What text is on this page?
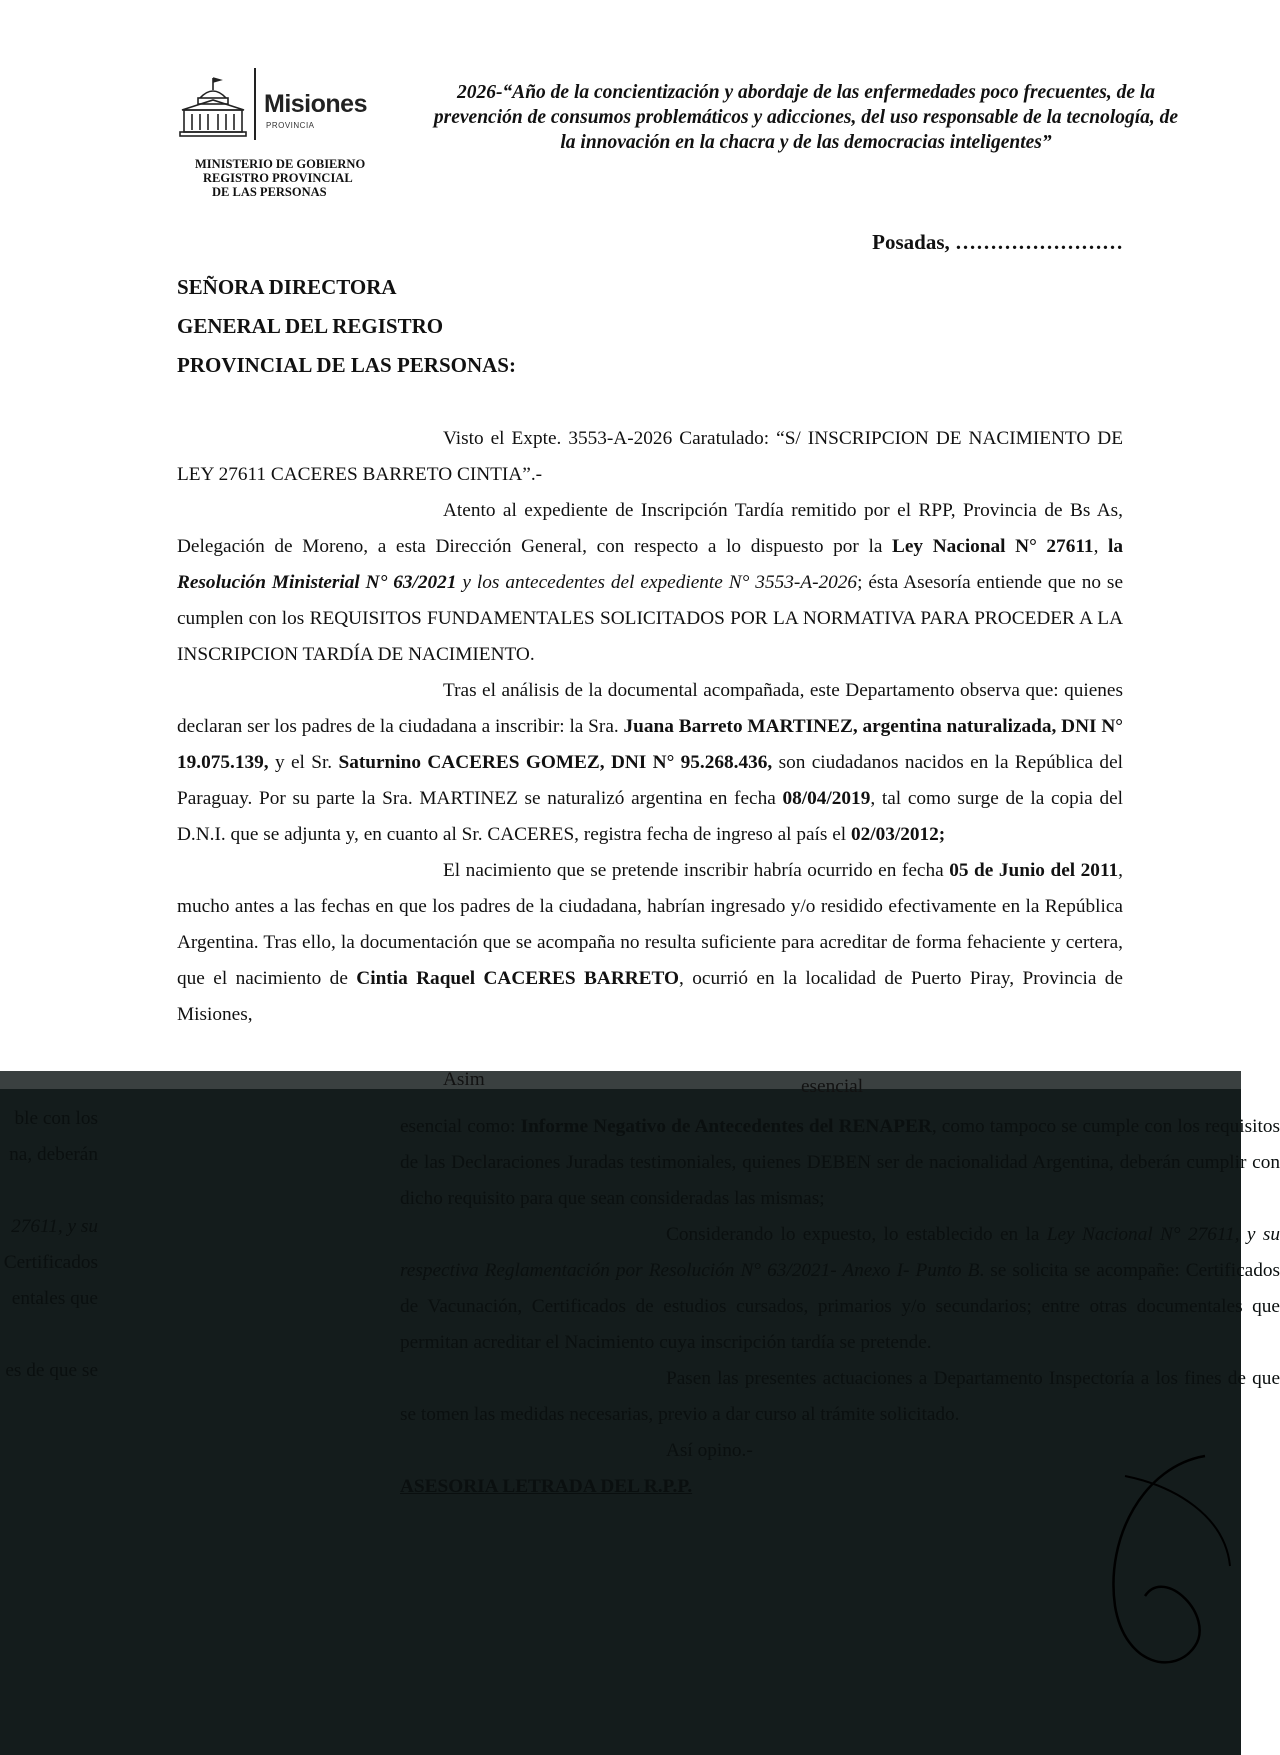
Misiones
PROVINCIA
MINISTERIO DE GOBIERNO
REGISTRO PROVINCIAL
DE LAS PERSONAS
2026-“Año de la concientización y abordaje de las enfermedades poco frecuentes, de la prevención de consumos problemáticos y adicciones, del uso responsable de la tecnología, de la innovación en la chacra y de las democracias inteligentes”
Posadas, ……………………
SEÑORA DIRECTORA
GENERAL DEL REGISTRO
PROVINCIAL DE LAS PERSONAS:

Visto el Expte. 3553-A-2026 Caratulado: “S/ INSCRIPCION DE NACIMIENTO DE LEY 27611 CACERES BARRETO CINTIA”.-

Atento al expediente de Inscripción Tardía remitido por el RPP, Provincia de Bs As, Delegación de Moreno, a esta Dirección General, con respecto a lo dispuesto por la Ley Nacional N° 27611, la Resolución Ministerial N° 63/2021 y los antecedentes del expediente N° 3553-A-2026; ésta Asesoría entiende que no se cumplen con los REQUISITOS FUNDAMENTALES SOLICITADOS POR LA NORMATIVA PARA PROCEDER A LA INSCRIPCION TARDÍA DE NACIMIENTO.

Tras el análisis de la documental acompañada, este Departamento observa que: quienes declaran ser los padres de la ciudadana a inscribir: la Sra. Juana Barreto MARTINEZ, argentina naturalizada, DNI N° 19.075.139, y el Sr. Saturnino CACERES GOMEZ, DNI N° 95.268.436, son ciudadanos nacidos en la República del Paraguay. Por su parte la Sra. MARTINEZ se naturalizó argentina en fecha 08/04/2019, tal como surge de la copia del D.N.I. que se adjunta y, en cuanto al Sr. CACERES, registra fecha de ingreso al país el 02/03/2012;

El nacimiento que se pretende inscribir habría ocurrido en fecha 05 de Junio del 2011, mucho antes a las fechas en que los padres de la ciudadana, habrían ingresado y/o residido efectivamente en la República Argentina. Tras ello, la documentación que se acompaña no resulta suficiente para acreditar de forma fehaciente y certera, que el nacimiento de Cintia Raquel CACERES BARRETO, ocurrió en la localidad de Puerto Piray, Provincia de Misiones,

esencial como: Informe Negativo de Antecedentes del RENAPER, como tampoco se cumple con los requisitos de las Declaraciones Juradas testimoniales, quienes DEBEN ser de nacionalidad Argentina, deberán cumplir con dicho requisito para que sean consideradas las mismas;

Considerando lo expuesto, lo establecido en la Ley Nacional N° 27611, y su respectiva Reglamentación por Resolución N° 63/2021- Anexo I- Punto B. se solicita se acompañe: Certificados de Vacunación, Certificados de estudios cursados, primarios y/o secundarios; entre otras documentales que permitan acreditar el Nacimiento cuya inscripción tardía se pretende.

Pasen las presentes actuaciones a Departamento Inspectoría a los fines de que se tomen las medidas necesarias, previo a dar curso al trámite solicitado.

Así opino.-

ASESORIA LETRADA DEL R.P.P.

ble con los
na, deberán

27611, y su
Certificados
entales que

es de que se
Asim	esencial
